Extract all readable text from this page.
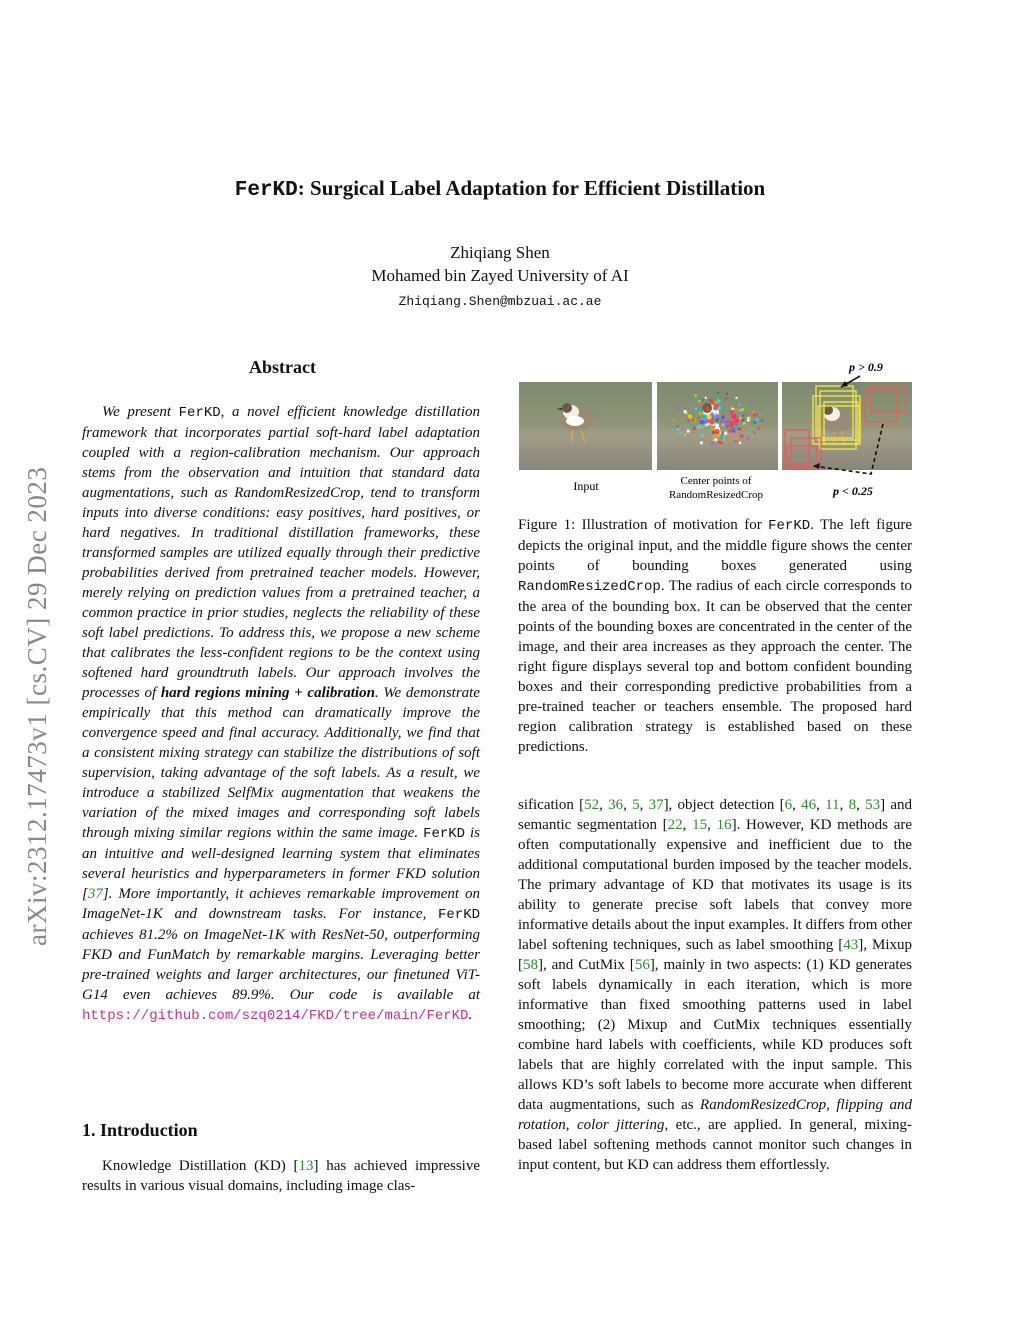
arXiv:2312.17473v1 [cs.CV] 29 Dec 2023
FerKD: Surgical Label Adaptation for Efficient Distillation
Zhiqiang Shen
Mohamed bin Zayed University of AI
Zhiqiang.Shen@mbzuai.ac.ae
Abstract

We present FerKD, a novel efficient knowledge distillation framework that incorporates partial soft-hard label adaptation coupled with a region-calibration mechanism. Our approach stems from the observation and intuition that standard data augmentations, such as RandomResizedCrop, tend to transform inputs into diverse conditions: easy positives, hard positives, or hard negatives. In traditional distillation frameworks, these transformed samples are utilized equally through their predictive probabilities derived from pretrained teacher models. However, merely relying on prediction values from a pretrained teacher, a common practice in prior studies, neglects the reliability of these soft label predictions. To address this, we propose a new scheme that calibrates the less-confident regions to be the context using softened hard groundtruth labels. Our approach involves the processes of hard regions mining + calibration. We demonstrate empirically that this method can dramatically improve the convergence speed and final accuracy. Additionally, we find that a consistent mixing strategy can stabilize the distributions of soft supervision, taking advantage of the soft labels. As a result, we introduce a stabilized SelfMix augmentation that weakens the variation of the mixed images and corresponding soft labels through mixing similar regions within the same image. FerKD is an intuitive and well-designed learning system that eliminates several heuristics and hyperparameters in former FKD solution [37]. More importantly, it achieves remarkable improvement on ImageNet-1K and downstream tasks. For instance, FerKD achieves 81.2% on ImageNet-1K with ResNet-50, outperforming FKD and FunMatch by remarkable margins. Leveraging better pre-trained weights and larger architectures, our finetuned ViT-G14 even achieves 89.9%. Our code is available at https://github.com/szq0214/FKD/tree/main/FerKD.

1. Introduction

Knowledge Distillation (KD) [13] has achieved impressive results in various visual domains, including image clas-

Input	Center points of
RandomResizedCrop
p > 0.9
p < 0.25

Figure 1: Illustration of motivation for FerKD. The left figure depicts the original input, and the middle figure shows the center points of bounding boxes generated using RandomResizedCrop. The radius of each circle corresponds to the area of the bounding box. It can be observed that the center points of the bounding boxes are concentrated in the center of the image, and their area increases as they approach the center. The right figure displays several top and bottom confident bounding boxes and their corresponding predictive probabilities from a pre-trained teacher or teachers ensemble. The proposed hard region calibration strategy is established based on these predictions.

sification [52, 36, 5, 37], object detection [6, 46, 11, 8, 53] and semantic segmentation [22, 15, 16]. However, KD methods are often computationally expensive and inefficient due to the additional computational burden imposed by the teacher models. The primary advantage of KD that motivates its usage is its ability to generate precise soft labels that convey more informative details about the input examples. It differs from other label softening techniques, such as label smoothing [43], Mixup [58], and CutMix [56], mainly in two aspects: (1) KD generates soft labels dynamically in each iteration, which is more informative than fixed smoothing patterns used in label smoothing; (2) Mixup and CutMix techniques essentially combine hard labels with coefficients, while KD produces soft labels that are highly correlated with the input sample. This allows KD’s soft labels to become more accurate when different data augmentations, such as RandomResizedCrop, flipping and rotation, color jittering, etc., are applied. In general, mixing-based label softening methods cannot monitor such changes in input content, but KD can address them effortlessly.
